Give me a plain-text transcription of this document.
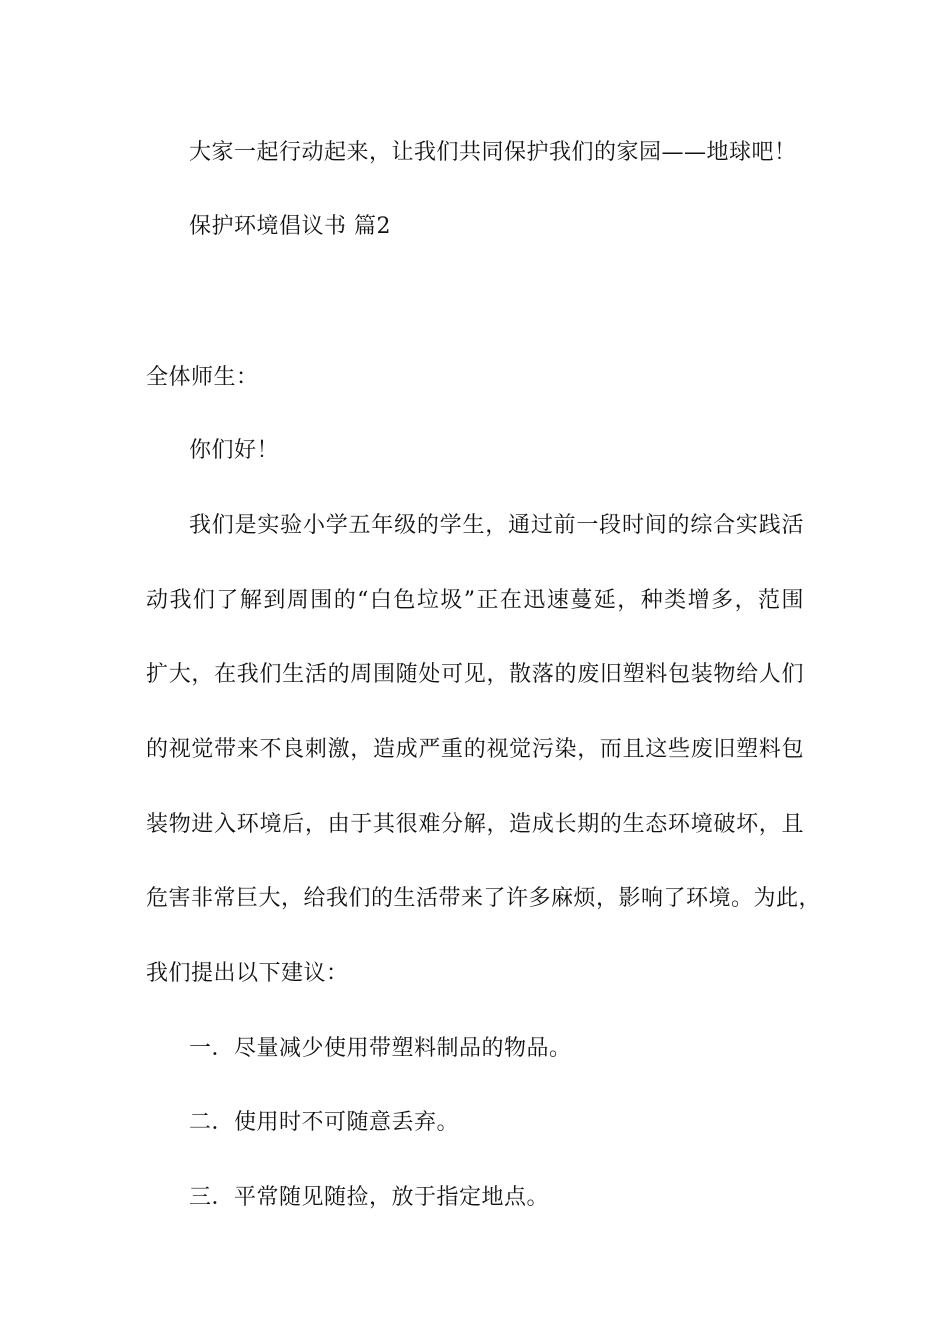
大家一起行动起来，让我们共同保护我们的家园——地球吧！
保护环境倡议书 篇2
全体师生：
你们好！
我们是实验小学五年级的学生，通过前一段时间的综合实践活
动我们了解到周围的“白色垃圾”正在迅速蔓延，种类增多，范围
扩大，在我们生活的周围随处可见，散落的废旧塑料包装物给人们
的视觉带来不良刺激，造成严重的视觉污染，而且这些废旧塑料包
装物进入环境后，由于其很难分解，造成长期的生态环境破坏，且
危害非常巨大，给我们的生活带来了许多麻烦，影响了环境。为此，
我们提出以下建议：
一．尽量减少使用带塑料制品的物品。
二．使用时不可随意丢弃。
三．平常随见随捡，放于指定地点。
